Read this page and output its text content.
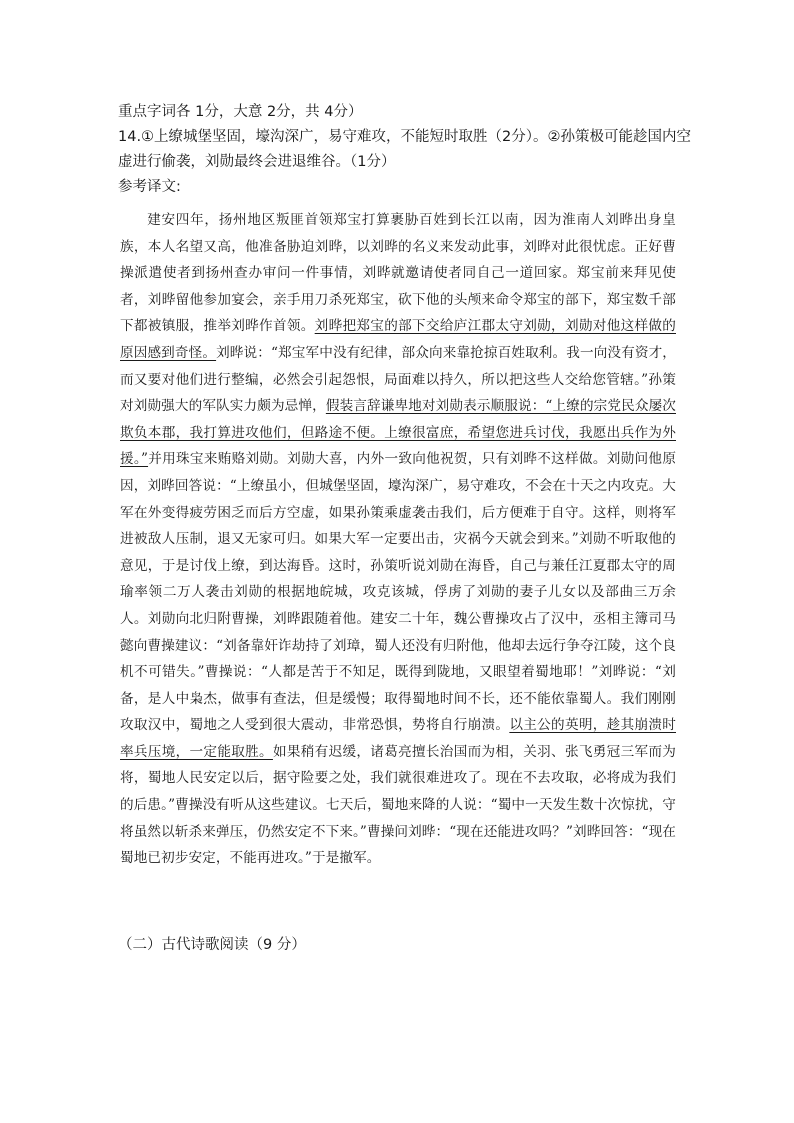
重点字词各 1分，大意 2分，共 4分）
14.①上缭城堡坚固，壕沟深广，易守难攻，不能短时取胜（2分）。②孙策极可能趁国内空
虚进行偷袭，刘勋最终会进退维谷。（1分）
参考译文:

建安四年，扬州地区叛匪首领郑宝打算裹胁百姓到长江以南，因为淮南人刘晔出身皇族，本人名望又高，他准备胁迫刘晔，以刘晔的名义来发动此事，刘晔对此很忧虑。正好曹操派遣使者到扬州查办审问一件事情，刘晔就邀请使者同自己一道回家。郑宝前来拜见使者，刘晔留他参加宴会，亲手用刀杀死郑宝，砍下他的头颅来命令郑宝的部下，郑宝数千部下都被镇服，推举刘晔作首领。刘晔把郑宝的部下交给庐江郡太守刘勋，刘勋对他这样做的原因感到奇怪。刘晔说：“郑宝军中没有纪律，部众向来靠抢掠百姓取利。我一向没有资才，而又要对他们进行整编，必然会引起怨恨，局面难以持久，所以把这些人交给您管辖。”孙策对刘勋强大的军队实力颇为忌惮，假装言辞谦卑地对刘勋表示顺服说：“上缭的宗党民众屡次欺负本郡，我打算进攻他们，但路途不便。上缭很富庶，希望您进兵讨伐，我愿出兵作为外援。”并用珠宝来贿赂刘勋。刘勋大喜，内外一致向他祝贺，只有刘晔不这样做。刘勋问他原因，刘晔回答说：“上缭虽小，但城堡坚固，壕沟深广，易守难攻，不会在十天之内攻克。大军在外变得疲劳困乏而后方空虚，如果孙策乘虚袭击我们，后方便难于自守。这样，则将军进被敌人压制，退又无家可归。如果大军一定要出击，灾祸今天就会到来。”刘勋不听取他的意见，于是讨伐上缭，到达海昏。这时，孙策听说刘勋在海昏，自己与兼任江夏郡太守的周瑜率领二万人袭击刘勋的根据地皖城，攻克该城，俘虏了刘勋的妻子儿女以及部曲三万余人。刘勋向北归附曹操，刘晔跟随着他。建安二十年，魏公曹操攻占了汉中，丞相主簿司马懿向曹操建议：“刘备靠奸诈劫持了刘璋，蜀人还没有归附他，他却去远行争夺江陵，这个良机不可错失。”曹操说：“人都是苦于不知足，既得到陇地，又眼望着蜀地耶！”刘晔说：“刘备，是人中枭杰，做事有查法，但是缓慢；取得蜀地时间不长，还不能依靠蜀人。我们刚刚攻取汉中，蜀地之人受到很大震动，非常恐惧，势将自行崩溃。以主公的英明，趁其崩溃时率兵压境，一定能取胜。如果稍有迟缓，诸葛亮擅长治国而为相，关羽、张飞勇冠三军而为将，蜀地人民安定以后，据守险要之处，我们就很难进攻了。现在不去攻取，必将成为我们的后患。”曹操没有听从这些建议。七天后，蜀地来降的人说：“蜀中一天发生数十次惊扰，守将虽然以斩杀来弹压，仍然安定不下来。”曹操问刘晔：“现在还能进攻吗？”刘晔回答：“现在蜀地已初步安定，不能再进攻。”于是撤军。

（二）古代诗歌阅读（9 分）
